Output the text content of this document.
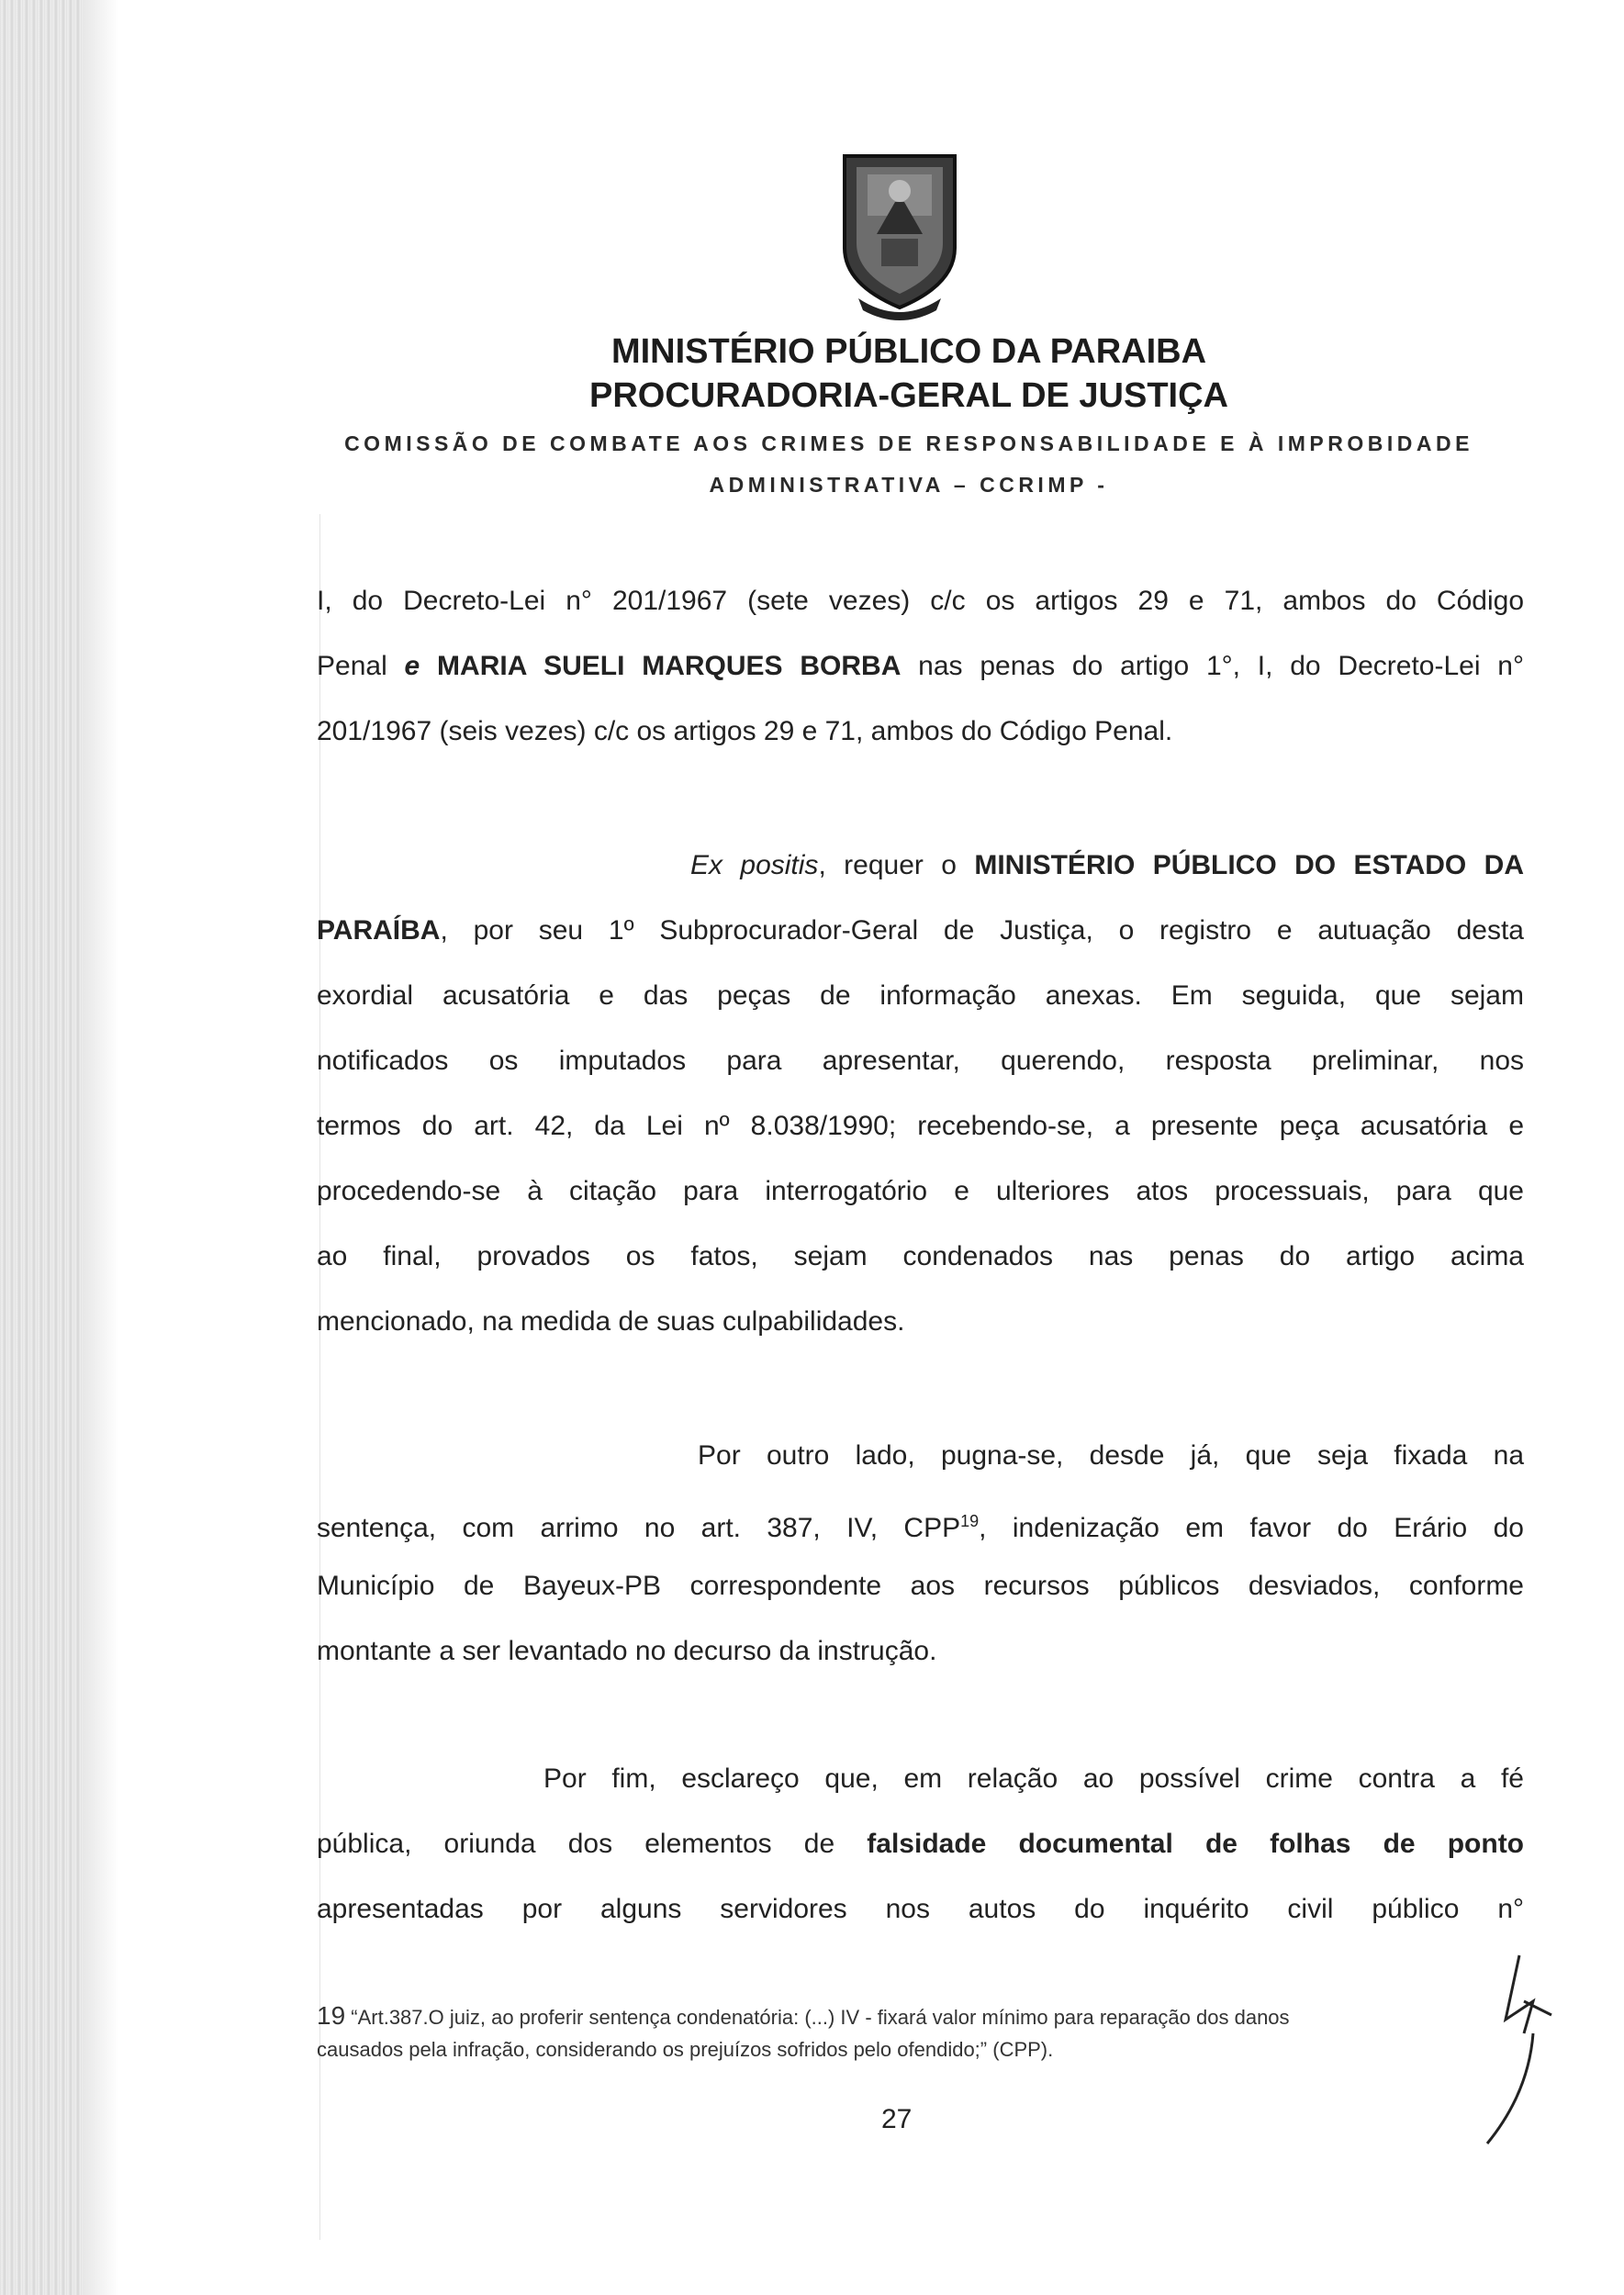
MINISTÉRIO PÚBLICO DA PARAIBA
PROCURADORIA-GERAL DE JUSTIÇA
COMISSÃO DE COMBATE AOS CRIMES DE RESPONSABILIDADE E À IMPROBIDADE
ADMINISTRATIVA – CCRIMP -
I, do Decreto-Lei n° 201/1967 (sete vezes) c/c os artigos 29 e 71, ambos do Código
Penal e MARIA SUELI MARQUES BORBA nas penas do artigo 1°, I, do Decreto-Lei n°
201/1967 (seis vezes) c/c os artigos 29 e 71, ambos do Código Penal.
Ex positis, requer o MINISTÉRIO PÚBLICO DO ESTADO DA
PARAÍBA, por seu 1º Subprocurador-Geral de Justiça, o registro e autuação desta
exordial acusatória e das peças de informação anexas. Em seguida, que sejam
notificados os imputados para apresentar, querendo, resposta preliminar, nos
termos do art. 42, da Lei nº 8.038/1990; recebendo-se, a presente peça acusatória e
procedendo-se à citação para interrogatório e ulteriores atos processuais, para que
ao final, provados os fatos, sejam condenados nas penas do artigo acima
mencionado, na medida de suas culpabilidades.
Por outro lado, pugna-se, desde já, que seja fixada na
sentença, com arrimo no art. 387, IV, CPP$^{19}$, indenização em favor do Erário do
Município de Bayeux-PB correspondente aos recursos públicos desviados, conforme
montante a ser levantado no decurso da instrução.
Por fim, esclareço que, em relação ao possível crime contra a fé
pública, oriunda dos elementos de falsidade documental de folhas de ponto
apresentadas por alguns servidores nos autos do inquérito civil público n°
19 “Art.387.O juiz, ao proferir sentença condenatória: (...) IV - fixará valor mínimo para reparação dos danos
causados pela infração, considerando os prejuízos sofridos pelo ofendido;” (CPP).
27
